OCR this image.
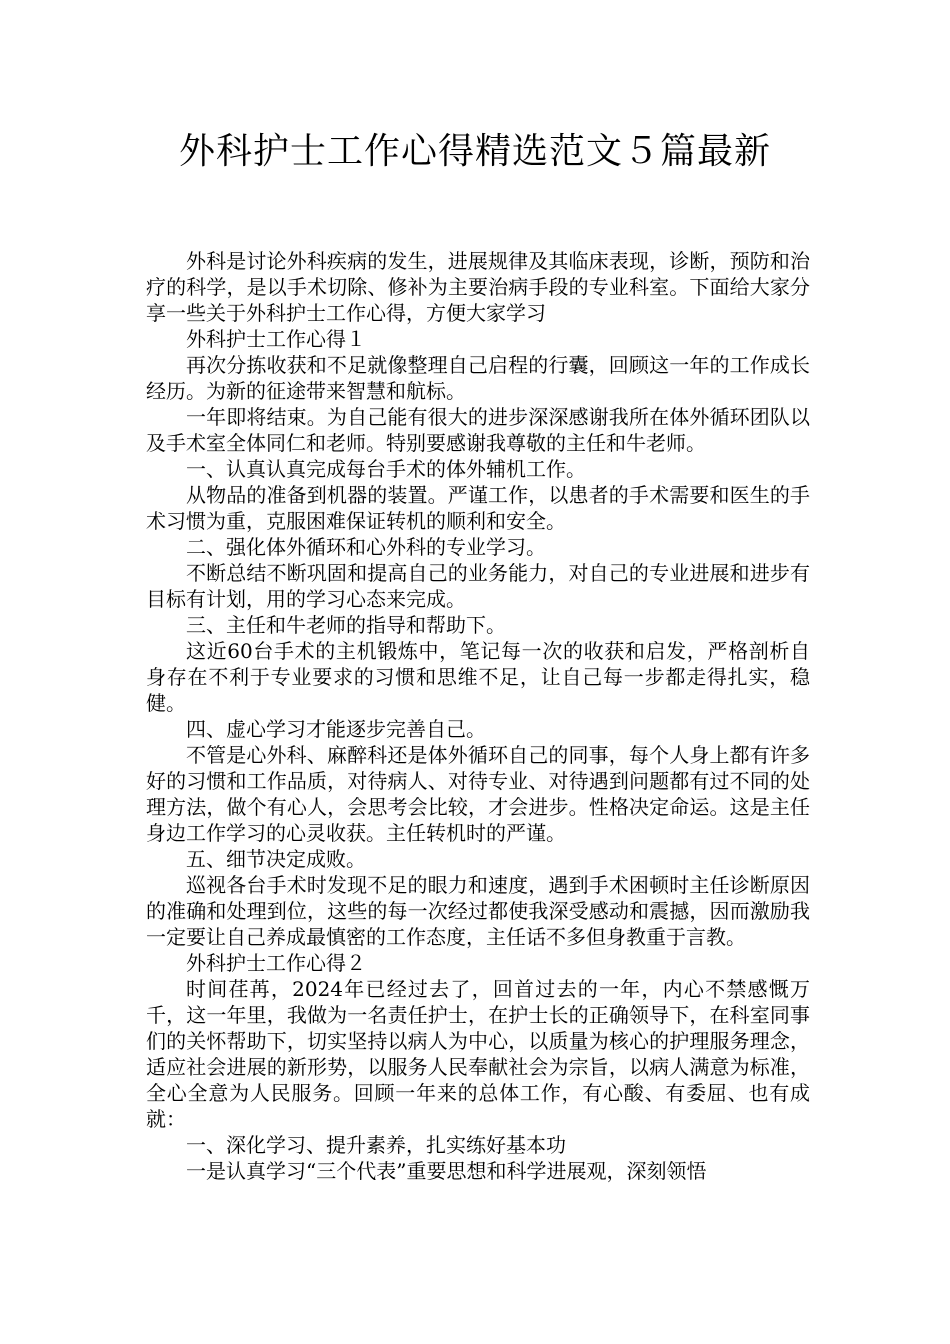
外科护士工作心得精选范文５篇最新

外科是讨论外科疾病的发生，进展规律及其临床表现，诊断，预防和治疗的科学，是以手术切除、修补为主要治病手段的专业科室。下面给大家分享一些关于外科护士工作心得，方便大家学习

外科护士工作心得１

再次分拣收获和不足就像整理自己启程的行囊，回顾这一年的工作成长经历。为新的征途带来智慧和航标。

一年即将结束。为自己能有很大的进步深深感谢我所在体外循环团队以及手术室全体同仁和老师。特别要感谢我尊敬的主任和牛老师。

一、认真认真完成每台手术的体外辅机工作。

从物品的准备到机器的装置。严谨工作，以患者的手术需要和医生的手术习惯为重，克服困难保证转机的顺利和安全。

二、强化体外循环和心外科的专业学习。

不断总结不断巩固和提高自己的业务能力，对自己的专业进展和进步有目标有计划，用的学习心态来完成。

三、主任和牛老师的指导和帮助下。

这近60台手术的主机锻炼中，笔记每一次的收获和启发，严格剖析自身存在不利于专业要求的习惯和思维不足，让自己每一步都走得扎实，稳健。

四、虚心学习才能逐步完善自己。

不管是心外科、麻醉科还是体外循环自己的同事，每个人身上都有许多好的习惯和工作品质，对待病人、对待专业、对待遇到问题都有过不同的处理方法，做个有心人，会思考会比较，才会进步。性格决定命运。这是主任身边工作学习的心灵收获。主任转机时的严谨。

五、细节决定成败。

巡视各台手术时发现不足的眼力和速度，遇到手术困顿时主任诊断原因的准确和处理到位，这些的每一次经过都使我深受感动和震撼，因而激励我一定要让自己养成最慎密的工作态度，主任话不多但身教重于言教。

外科护士工作心得２

时间荏苒，2024年已经过去了，回首过去的一年，内心不禁感慨万千，这一年里，我做为一名责任护士，在护士长的正确领导下，在科室同事们的关怀帮助下，切实坚持以病人为中心，以质量为核心的护理服务理念，适应社会进展的新形势，以服务人民奉献社会为宗旨，以病人满意为标准，全心全意为人民服务。回顾一年来的总体工作，有心酸、有委屈、也有成就：

一、深化学习、提升素养，扎实练好基本功

一是认真学习“三个代表”重要思想和科学进展观，深刻领悟
